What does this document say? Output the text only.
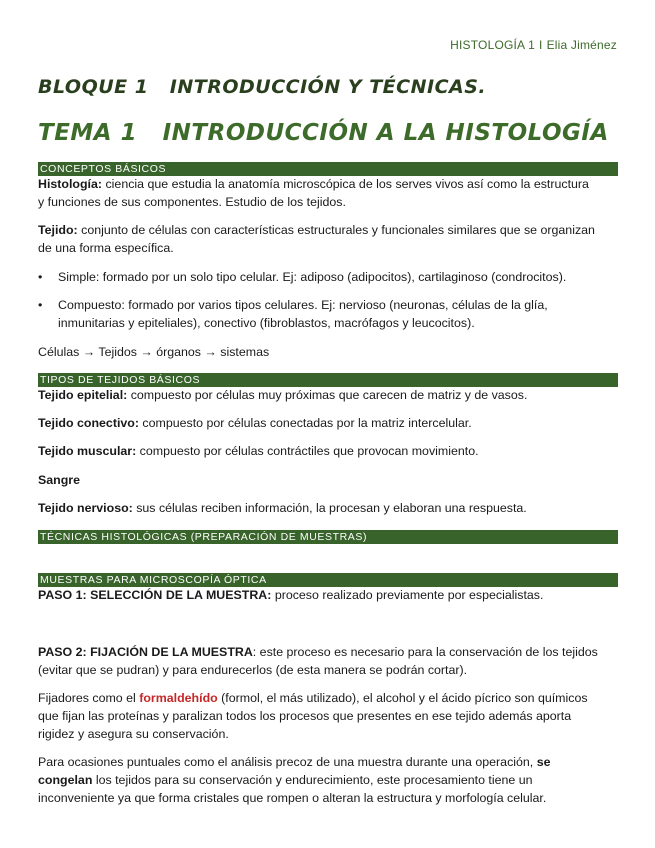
HISTOLOGÍA 1 I Elia Jiménez
BLOQUE 1   INTRODUCCIÓN Y TÉCNICAS.
TEMA 1   INTRODUCCIÓN A LA HISTOLOGÍA
CONCEPTOS BÁSICOS
Histología: ciencia que estudia la anatomía microscópica de los serves vivos así como la estructura y funciones de sus componentes. Estudio de los tejidos.
Tejido: conjunto de células con características estructurales y funcionales similares que se organizan de una forma específica.
• Simple: formado por un solo tipo celular. Ej: adiposo (adipocitos), cartilaginoso (condrocitos).
• Compuesto: formado por varios tipos celulares. Ej: nervioso (neuronas, células de la glía, inmunitarias y epiteliales), conectivo (fibroblastos, macrófagos y leucocitos).
Células → Tejidos → órganos → sistemas
TIPOS DE TEJIDOS BÁSICOS
Tejido epitelial: compuesto por células muy próximas que carecen de matriz y de vasos.
Tejido conectivo: compuesto por células conectadas por la matriz intercelular.
Tejido muscular: compuesto por células contráctiles que provocan movimiento.
Sangre
Tejido nervioso: sus células reciben información, la procesan y elaboran una respuesta.
TÉCNICAS HISTOLÓGICAS (PREPARACIÓN DE MUESTRAS)
MUESTRAS PARA MICROSCOPÍA ÓPTICA
PASO 1: SELECCIÓN DE LA MUESTRA: proceso realizado previamente por especialistas.
PASO 2: FIJACIÓN DE LA MUESTRA: este proceso es necesario para la conservación de los tejidos (evitar que se pudran) y para endurecerlos (de esta manera se podrán cortar).
Fijadores como el formaldehído (formol, el más utilizado), el alcohol y el ácido pícrico son químicos que fijan las proteínas y paralizan todos los procesos que presentes en ese tejido además aporta rigidez y asegura su conservación.
Para ocasiones puntuales como el análisis precoz de una muestra durante una operación, se congelan los tejidos para su conservación y endurecimiento, este procesamiento tiene un inconveniente ya que forma cristales que rompen o alteran la estructura y morfología celular.
